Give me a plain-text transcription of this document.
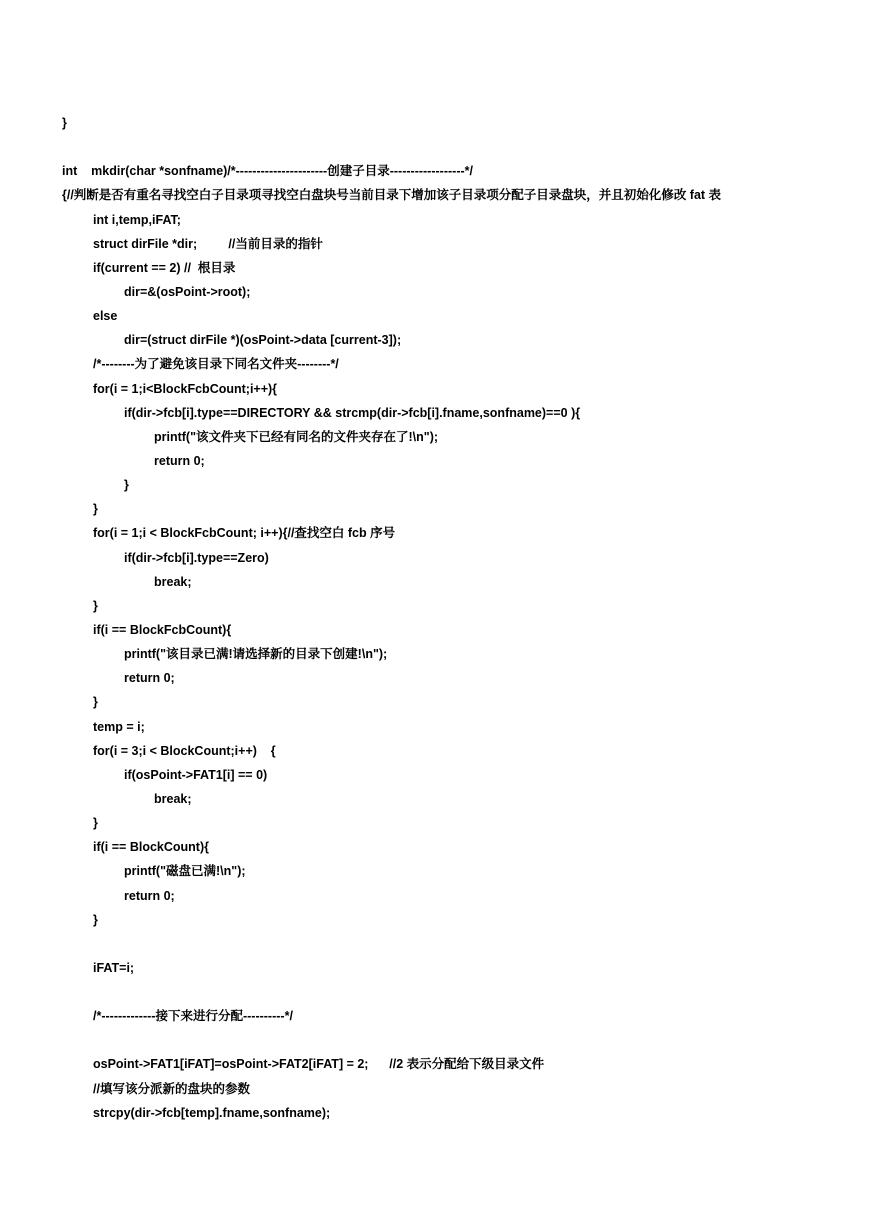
}
int    mkdir(char *sonfname)/*----------------------创建子目录------------------*/
{//判断是否有重名寻找空白子目录项寻找空白盘块号当前目录下增加该子目录项分配子目录盘块，并且初始化修改 fat 表
int i,temp,iFAT;
struct dirFile *dir;         //当前目录的指针
if(current == 2) //  根目录
dir=&(osPoint->root);
else
dir=(struct dirFile *)(osPoint->data [current-3]);
/*--------为了避免该目录下同名文件夹--------*/
for(i = 1;i<BlockFcbCount;i++){
if(dir->fcb[i].type==DIRECTORY && strcmp(dir->fcb[i].fname,sonfname)==0 ){
printf("该文件夹下已经有同名的文件夹存在了!\n");
return 0;
}
}
for(i = 1;i < BlockFcbCount; i++){//查找空白 fcb 序号
if(dir->fcb[i].type==Zero)
break;
}
if(i == BlockFcbCount){
printf("该目录已满!请选择新的目录下创建!\n");
return 0;
}
temp = i;
for(i = 3;i < BlockCount;i++)    {
if(osPoint->FAT1[i] == 0)
break;
}
if(i == BlockCount){
printf("磁盘已满!\n");
return 0;
}
iFAT=i;
/*-------------接下来进行分配----------*/
osPoint->FAT1[iFAT]=osPoint->FAT2[iFAT] = 2;      //2 表示分配给下级目录文件
//填写该分派新的盘块的参数
strcpy(dir->fcb[temp].fname,sonfname);
